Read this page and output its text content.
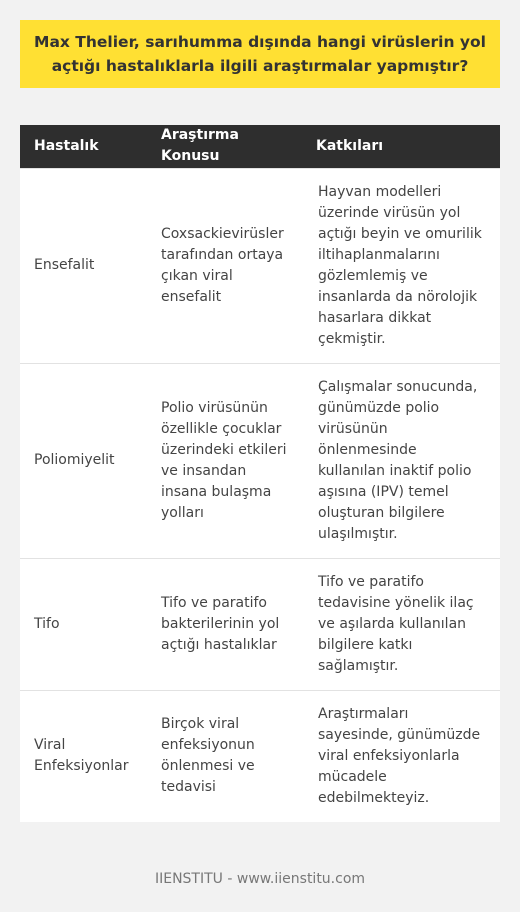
Max Thelier, sarıhumma dışında hangi virüslerin yol açtığı hastalıklarla ilgili araştırmalar yapmıştır?
Hastalık	Araştırma Konusu	Katkıları
Ensefalit	Coxsackievirüsler tarafından ortaya çıkan viral ensefalit	Hayvan modelleri üzerinde virüsün yol açtığı beyin ve omurilik iltihaplanmalarını gözlemlemiş ve insanlarda da nörolojik hasarlara dikkat çekmiştir.
Poliomiyelit	Polio virüsünün özellikle çocuklar üzerindeki etkileri ve insandan insana bulaşma yolları	Çalışmalar sonucunda, günümüzde polio virüsünün önlenmesinde kullanılan inaktif polio aşısına (IPV) temel oluşturan bilgilere ulaşılmıştır.
Tifo	Tifo ve paratifo bakterilerinin yol açtığı hastalıklar	Tifo ve paratifo tedavisine yönelik ilaç ve aşılarda kullanılan bilgilere katkı sağlamıştır.
Viral Enfeksiyonlar	Birçok viral enfeksiyonun önlenmesi ve tedavisi	Araştırmaları sayesinde, günümüzde viral enfeksiyonlarla mücadele edebilmekteyiz.
IIENSTITU - www.iienstitu.com
